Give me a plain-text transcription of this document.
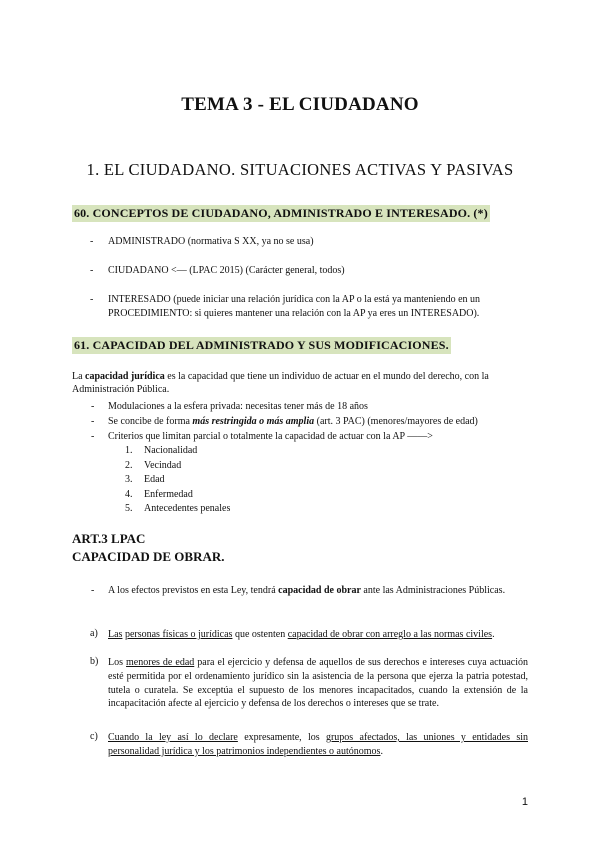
TEMA 3 - EL CIUDADANO
1. EL CIUDADANO. SITUACIONES ACTIVAS Y PASIVAS
60. CONCEPTOS DE CIUDADANO, ADMINISTRADO E INTERESADO. (*)
- ADMINISTRADO (normativa S XX, ya no se usa)
- CIUDADANO <— (LPAC 2015) (Carácter general, todos)
- INTERESADO (puede iniciar una relación jurídica con la AP o la está ya manteniendo en un PROCEDIMIENTO: si quieres mantener una relación con la AP ya eres un INTERESADO).
61. CAPACIDAD DEL ADMINISTRADO Y SUS MODIFICACIONES.

La capacidad jurídica es la capacidad que tiene un individuo de actuar en el mundo del derecho, con la Administración Pública.

- Modulaciones a la esfera privada: necesitas tener más de 18 años
- Se concibe de forma más restringida o más amplia (art. 3 PAC) (menores/mayores de edad)
- Criterios que limitan parcial o totalmente la capacidad de actuar con la AP ——>
1. Nacionalidad
2. Vecindad
3. Edad
4. Enfermedad
5. Antecedentes penales
ART.3 LPAC
CAPACIDAD DE OBRAR.
- A los efectos previstos en esta Ley, tendrá capacidad de obrar ante las Administraciones Públicas.
a) Las personas físicas o jurídicas que ostenten capacidad de obrar con arreglo a las normas civiles.
b) Los menores de edad para el ejercicio y defensa de aquellos de sus derechos e intereses cuya actuación esté permitida por el ordenamiento jurídico sin la asistencia de la persona que ejerza la patria potestad, tutela o curatela. Se exceptúa el supuesto de los menores incapacitados, cuando la extensión de la incapacitación afecte al ejercicio y defensa de los derechos o intereses que se trate.
c) Cuando la ley así lo declare expresamente, los grupos afectados, las uniones y entidades sin personalidad jurídica y los patrimonios independientes o autónomos.
1
